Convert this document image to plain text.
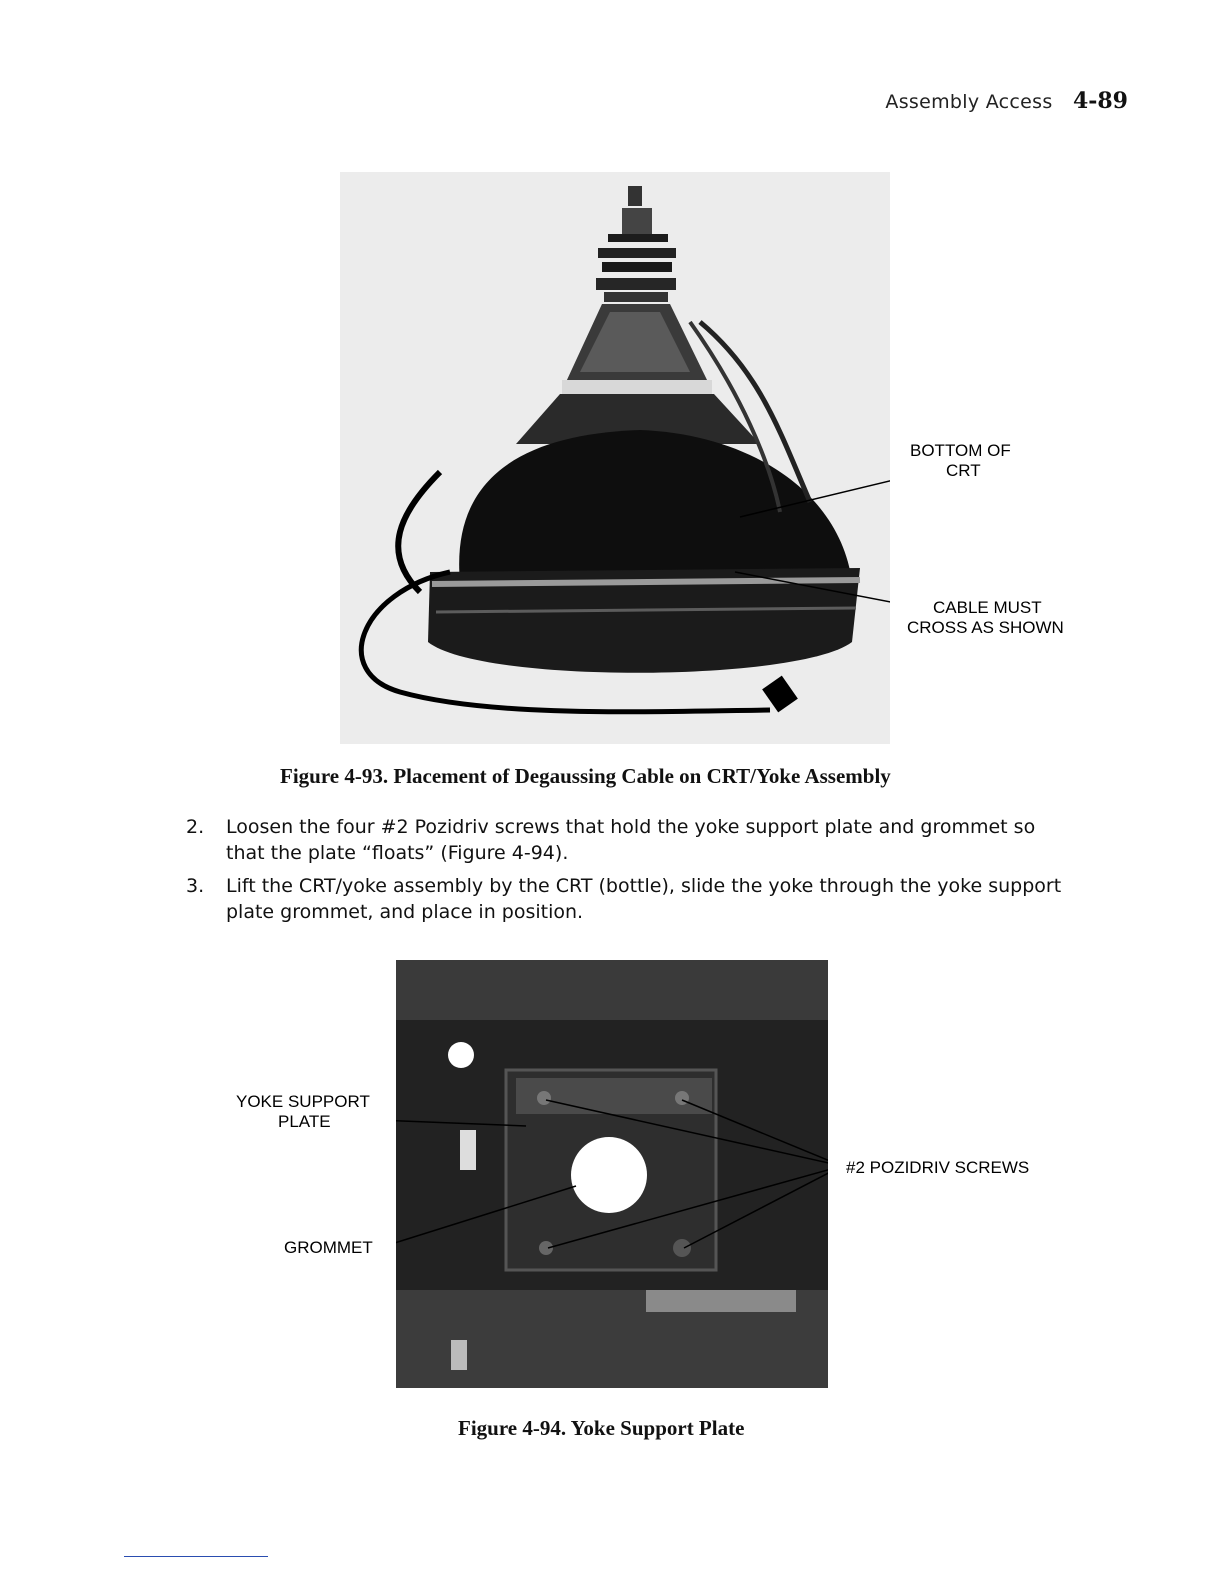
Assembly Access 4-89
BOTTOM OF
CRT
CABLE MUST
CROSS AS SHOWN
Figure 4-93. Placement of Degaussing Cable on CRT/Yoke Assembly
2. Loosen the four #2 Pozidriv screws that hold the yoke support plate and grommet so that the plate “floats” (Figure 4-94).
3. Lift the CRT/yoke assembly by the CRT (bottle), slide the yoke through the yoke support plate grommet, and place in position.
YOKE SUPPORT
PLATE
GROMMET
#2 POZIDRIV SCREWS
Figure 4-94. Yoke Support Plate
